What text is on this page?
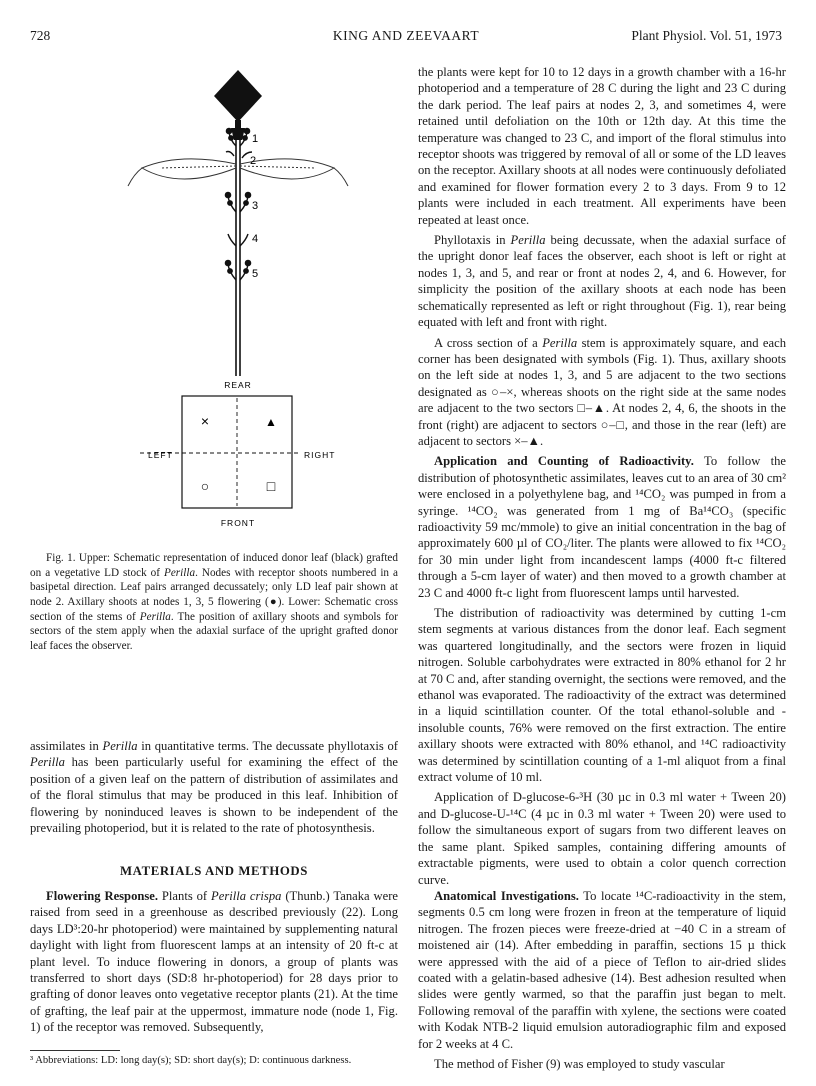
728	KING AND ZEEVAART	Plant Physiol. Vol. 51, 1973
1
2
3
4
5
REAR
LEFT	RIGHT
×	▲
○	□
FRONT

Fig. 1. Upper: Schematic representation of induced donor leaf (black) grafted on a vegetative LD stock of Perilla. Nodes with receptor shoots numbered in a basipetal direction. Leaf pairs arranged decussately; only LD leaf pair shown at node 2. Axillary shoots at nodes 1, 3, 5 flowering (●). Lower: Schematic cross section of the stems of Perilla. The position of axillary shoots and symbols for sectors of the stem apply when the adaxial surface of the upright grafted donor leaf faces the observer.

assimilates in Perilla in quantitative terms. The decussate phyllotaxis of Perilla has been particularly useful for examining the effect of the position of a given leaf on the pattern of distribution of assimilates and of the floral stimulus that may be produced in this leaf. Inhibition of flowering by noninduced leaves is shown to be independent of the prevailing photoperiod, but it is related to the rate of photosynthesis.

MATERIALS AND METHODS

Flowering Response. Plants of Perilla crispa (Thunb.) Tanaka were raised from seed in a greenhouse as described previously (22). Long days LD³:20-hr photoperiod) were maintained by supplementing natural daylight with light from fluorescent lamps at an intensity of 20 ft-c at plant level. To induce flowering in donors, a group of plants was transferred to short days (SD:8 hr-photoperiod) for 28 days prior to grafting of donor leaves onto vegetative receptor plants (21). At the time of grafting, the leaf pair at the uppermost, immature node (node 1, Fig. 1) of the receptor was removed. Subsequently,

³ Abbreviations: LD: long day(s); SD: short day(s); D: continuous darkness.

the plants were kept for 10 to 12 days in a growth chamber with a 16-hr photoperiod and a temperature of 28 C during the light and 23 C during the dark period. The leaf pairs at nodes 2, 3, and sometimes 4, were retained until defoliation on the 10th or 12th day. At this time the temperature was changed to 23 C, and import of the floral stimulus into receptor shoots was triggered by removal of all or some of the LD leaves on the receptor. Axillary shoots at all nodes were continuously defoliated and examined for flower formation every 2 to 3 days. From 9 to 12 plants were included in each treatment. All experiments have been repeated at least once.

Phyllotaxis in Perilla being decussate, when the adaxial surface of the upright donor leaf faces the observer, each shoot is left or right at nodes 1, 3, and 5, and rear or front at nodes 2, 4, and 6. However, for simplicity the position of the axillary shoots at each node has been schematically represented as left or right throughout (Fig. 1), rear being equated with left and front with right.

A cross section of a Perilla stem is approximately square, and each corner has been designated with symbols (Fig. 1). Thus, axillary shoots on the left side at nodes 1, 3, and 5 are adjacent to the two sections designated as ○–×, whereas shoots on the right side at the same nodes are adjacent to the two sectors □–▲. At nodes 2, 4, 6, the shoots in the front (right) are adjacent to sectors ○–□, and those in the rear (left) are adjacent to sectors ×–▲.

Application and Counting of Radioactivity. To follow the distribution of photosynthetic assimilates, leaves cut to an area of 30 cm² were enclosed in a polyethylene bag, and ¹⁴CO₂ was pumped in from a syringe. ¹⁴CO₂ was generated from 1 mg of Ba¹⁴CO₃ (specific radioactivity 59 mc/mmole) to give an initial concentration in the bag of approximately 600 µl of CO₂/liter. The plants were allowed to fix ¹⁴CO₂ for 30 min under light from incandescent lamps (4000 ft-c filtered through a 5-cm layer of water) and then moved to a growth chamber at 23 C and 4000 ft-c light from fluorescent lamps until harvested.

The distribution of radioactivity was determined by cutting 1-cm stem segments at various distances from the donor leaf. Each segment was quartered longitudinally, and the sectors were frozen in liquid nitrogen. Soluble carbohydrates were extracted in 80% ethanol for 2 hr at 70 C and, after standing overnight, the sections were removed, and the ethanol was evaporated. The radioactivity of the extract was determined in a liquid scintillation counter. Of the total ethanol-soluble and -insoluble counts, 76% were removed on the first extraction. The entire axillary shoots were extracted with 80% ethanol, and ¹⁴C radioactivity was determined by scintillation counting of a 1-ml aliquot from a final extract volume of 10 ml.

Application of D-glucose-6-³H (30 µc in 0.3 ml water + Tween 20) and D-glucose-U-¹⁴C (4 µc in 0.3 ml water + Tween 20) were used to follow the simultaneous export of sugars from two different leaves on the same plant. Spiked samples, containing differing amounts of extractable pigments, were used to obtain a color quench correction curve.

Anatomical Investigations. To locate ¹⁴C-radioactivity in the stem, segments 0.5 cm long were frozen in freon at the temperature of liquid nitrogen. The frozen pieces were freeze-dried at −40 C in a stream of moistened air (14). After embedding in paraffin, sections 15 µ thick were appressed with the aid of a piece of Teflon to air-dried slides coated with a gelatin-based adhesive (14). Best adhesion resulted when slides were gently warmed, so that the paraffin just began to melt. Following removal of the paraffin with xylene, the sections were coated with Kodak NTB-2 liquid emulsion autoradiographic film and exposed for 2 weeks at 4 C.

The method of Fisher (9) was employed to study vascular
